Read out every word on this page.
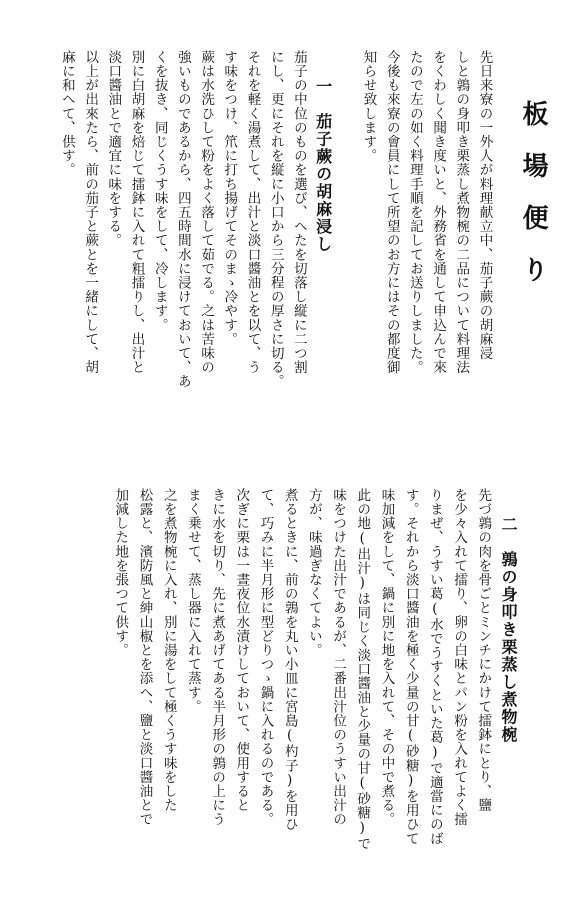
板場便り
先日来寮の一外人が料理献立中、茄子蕨の胡麻浸
しと鶉の身叩き栗蒸し煮物椀の二品について料理法
をくわしく聞き度いと、外務省を通して申込んで來
たので左の如く料理手順を記してお送りしました。
今後も來寮の會員にして所望のお方にはその都度御
知らせ致します。
一　茄子蕨の胡麻浸し
茄子の中位のものを選び、へたを切落し縦に二つ割
にし、更にそれを縦に小口から三分程の厚さに切る。
それを軽く湯煮して、出汁と淡口醬油とを以て、う
す味をつけ、笊に打ち揚げてそのまゝ冷やす。
蕨は水洗ひして粉をよく落して茹でる。之は苦味の
強いものであるから、四五時間水に浸けておいて、あ
くを抜き、同じくうす味をして、冷します。
別に白胡麻を焙じて擂鉢に入れて粗擂りし、出汁と
淡口醬油とで適宜に味をする。
以上が出來たら、前の茄子と蕨とを一緒にして、胡
麻に和へて、供す。
二　鶉の身叩き栗蒸し煮物椀
先づ鶉の肉を骨ごとミンチにかけて擂鉢にとり、鹽
を少々入れて擂り、卵の白味とパン粉を入れてよく擂
りまぜ、うすい葛(水でうすくといた葛)で適當にのば
す。それから淡口醬油を極く少量の甘(砂糖)を用ひて
味加減をして、鍋に別に地を入れて、その中で煮る。
此の地(出汁)は同じく淡口醬油と少量の甘(砂糖)で
味をつけた出汁であるが、二番出汁位のうすい出汁の
方が、味過ぎなくてよい。
煮るときに、前の鶉を丸い小皿に宮島(杓子)を用ひ
て、巧みに半月形に型どりつゝ鍋に入れるのである。
次ぎに栗は一晝夜位水漬けしておいて、使用すると
きに水を切り、先に煮あげてある半月形の鶉の上にう
まく乗せて、蒸し器に入れて蒸す。
之を煮物椀に入れ、別に湯をして極くうす味をした
松露と、濱防風と紳山椒とを添へ、鹽と淡口醬油とで
加減した地を張つて供す。
